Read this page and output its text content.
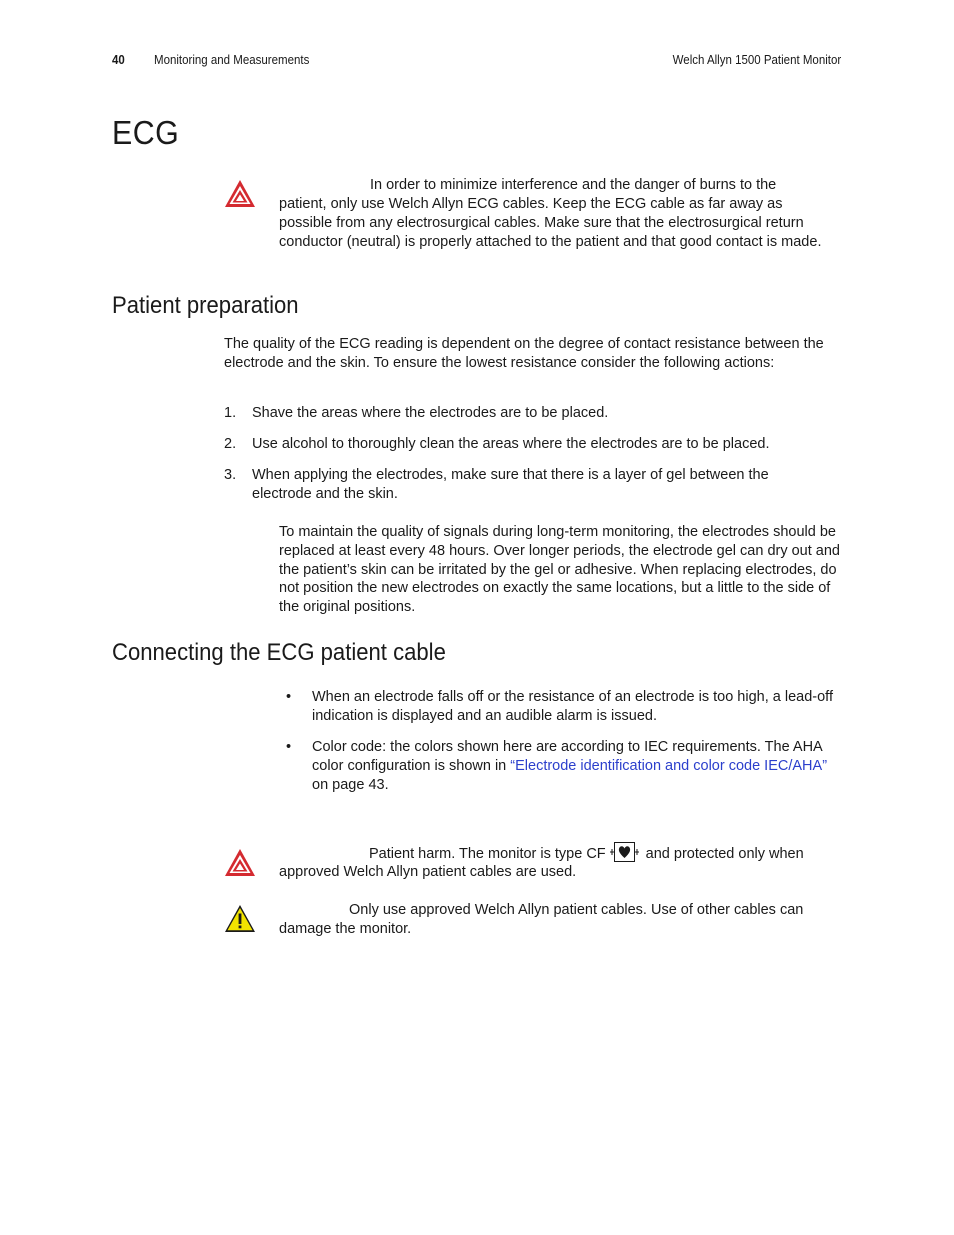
40 Monitoring and Measurements	Welch Allyn 1500 Patient Monitor
ECG
In order to minimize interference and the danger of burns to the
patient, only use Welch Allyn ECG cables. Keep the ECG cable as far away as possible from any electrosurgical cables. Make sure that the electrosurgical return conductor (neutral) is properly attached to the patient and that good contact is made.
Patient preparation
The quality of the ECG reading is dependent on the degree of contact resistance between the electrode and the skin. To ensure the lowest resistance consider the following actions:
1. Shave the areas where the electrodes are to be placed.
2. Use alcohol to thoroughly clean the areas where the electrodes are to be placed.
3. When applying the electrodes, make sure that there is a layer of gel between the electrode and the skin.
To maintain the quality of signals during long-term monitoring, the electrodes should be replaced at least every 48 hours. Over longer periods, the electrode gel can dry out and the patient’s skin can be irritated by the gel or adhesive. When replacing electrodes, do not position the new electrodes on exactly the same locations, but a little to the side of the original positions.
Connecting the ECG patient cable
• When an electrode falls off or the resistance of an electrode is too high, a lead-off indication is displayed and an audible alarm is issued.
• Color code: the colors shown here are according to IEC requirements. The AHA color configuration is shown in “Electrode identification and color code IEC/AHA” on page 43.
Patient harm. The monitor is type CF	and protected only when
approved Welch Allyn patient cables are used.
Only use approved Welch Allyn patient cables. Use of other cables can
damage the monitor.
